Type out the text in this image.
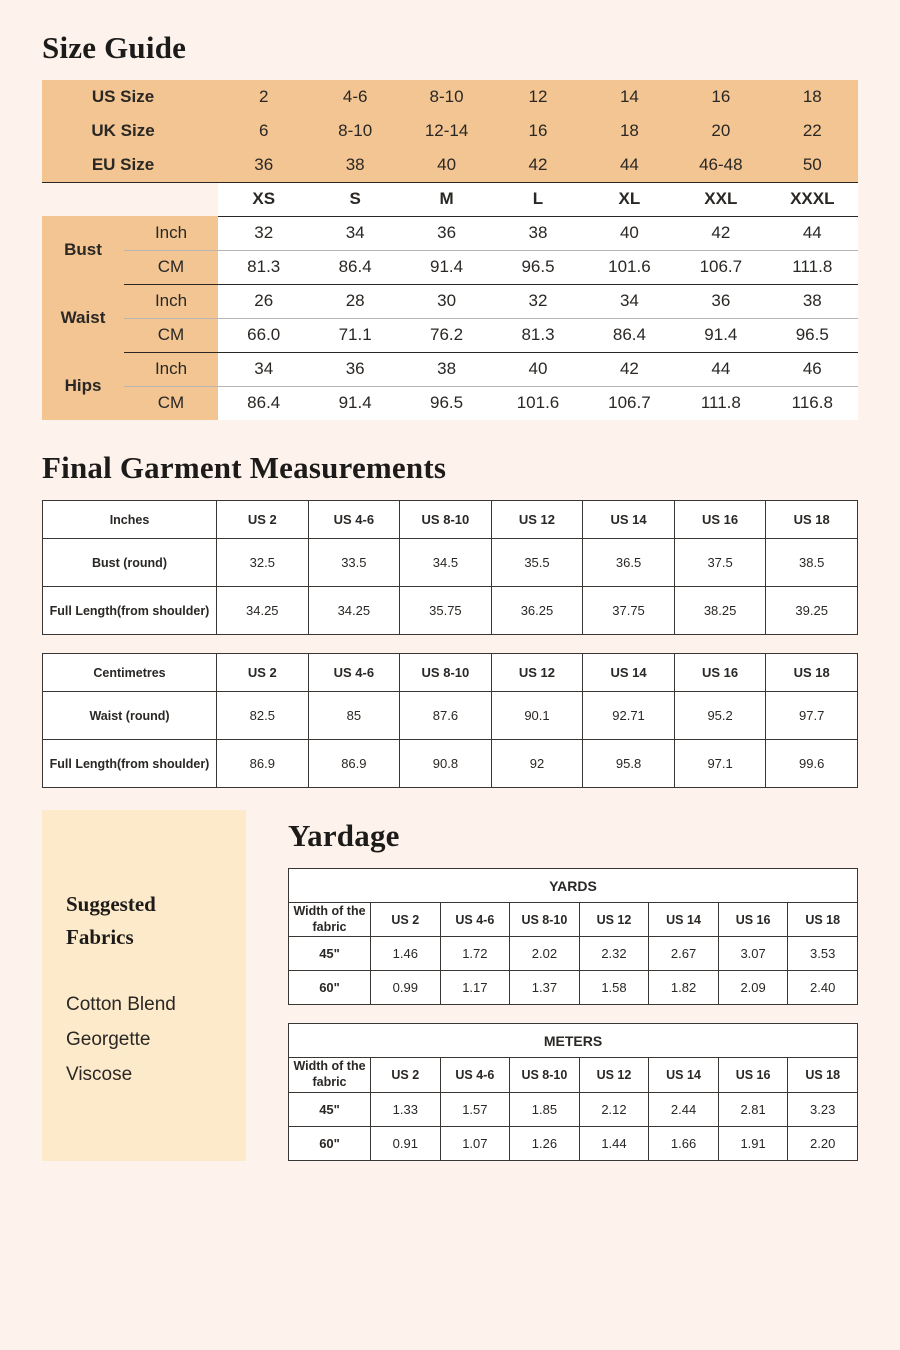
Size Guide
US Size		2	4-6	8-10	12	14	16	18
UK Size		6	8-10	12-14	16	18	20	22
EU Size		36	38	40	42	44	46-48	50
		XS	S	M	L	XL	XXL	XXXL
Bust	Inch	32	34	36	38	40	42	44
	CM	81.3	86.4	91.4	96.5	101.6	106.7	111.8
Waist	Inch	26	28	30	32	34	36	38
	CM	66.0	71.1	76.2	81.3	86.4	91.4	96.5
Hips	Inch	34	36	38	40	42	44	46
	CM	86.4	91.4	96.5	101.6	106.7	111.8	116.8
Final Garment Measurements
Inches	US 2	US 4-6	US 8-10	US 12	US 14	US 16	US 18
Bust (round)	32.5	33.5	34.5	35.5	36.5	37.5	38.5
Full Length(from shoulder)	34.25	34.25	35.75	36.25	37.75	38.25	39.25
Centimetres	US 2	US 4-6	US 8-10	US 12	US 14	US 16	US 18
Waist (round)	82.5	85	87.6	90.1	92.71	95.2	97.7
Full Length(from shoulder)	86.9	86.9	90.8	92	95.8	97.1	99.6
Suggested Fabrics
Cotton Blend
Georgette
Viscose
Yardage
YARDS							
Width of the fabric	US 2	US 4-6	US 8-10	US 12	US 14	US 16	US 18
45"	1.46	1.72	2.02	2.32	2.67	3.07	3.53
60"	0.99	1.17	1.37	1.58	1.82	2.09	2.40
METERS							
Width of the fabric	US 2	US 4-6	US 8-10	US 12	US 14	US 16	US 18
45"	1.33	1.57	1.85	2.12	2.44	2.81	3.23
60"	0.91	1.07	1.26	1.44	1.66	1.91	2.20
